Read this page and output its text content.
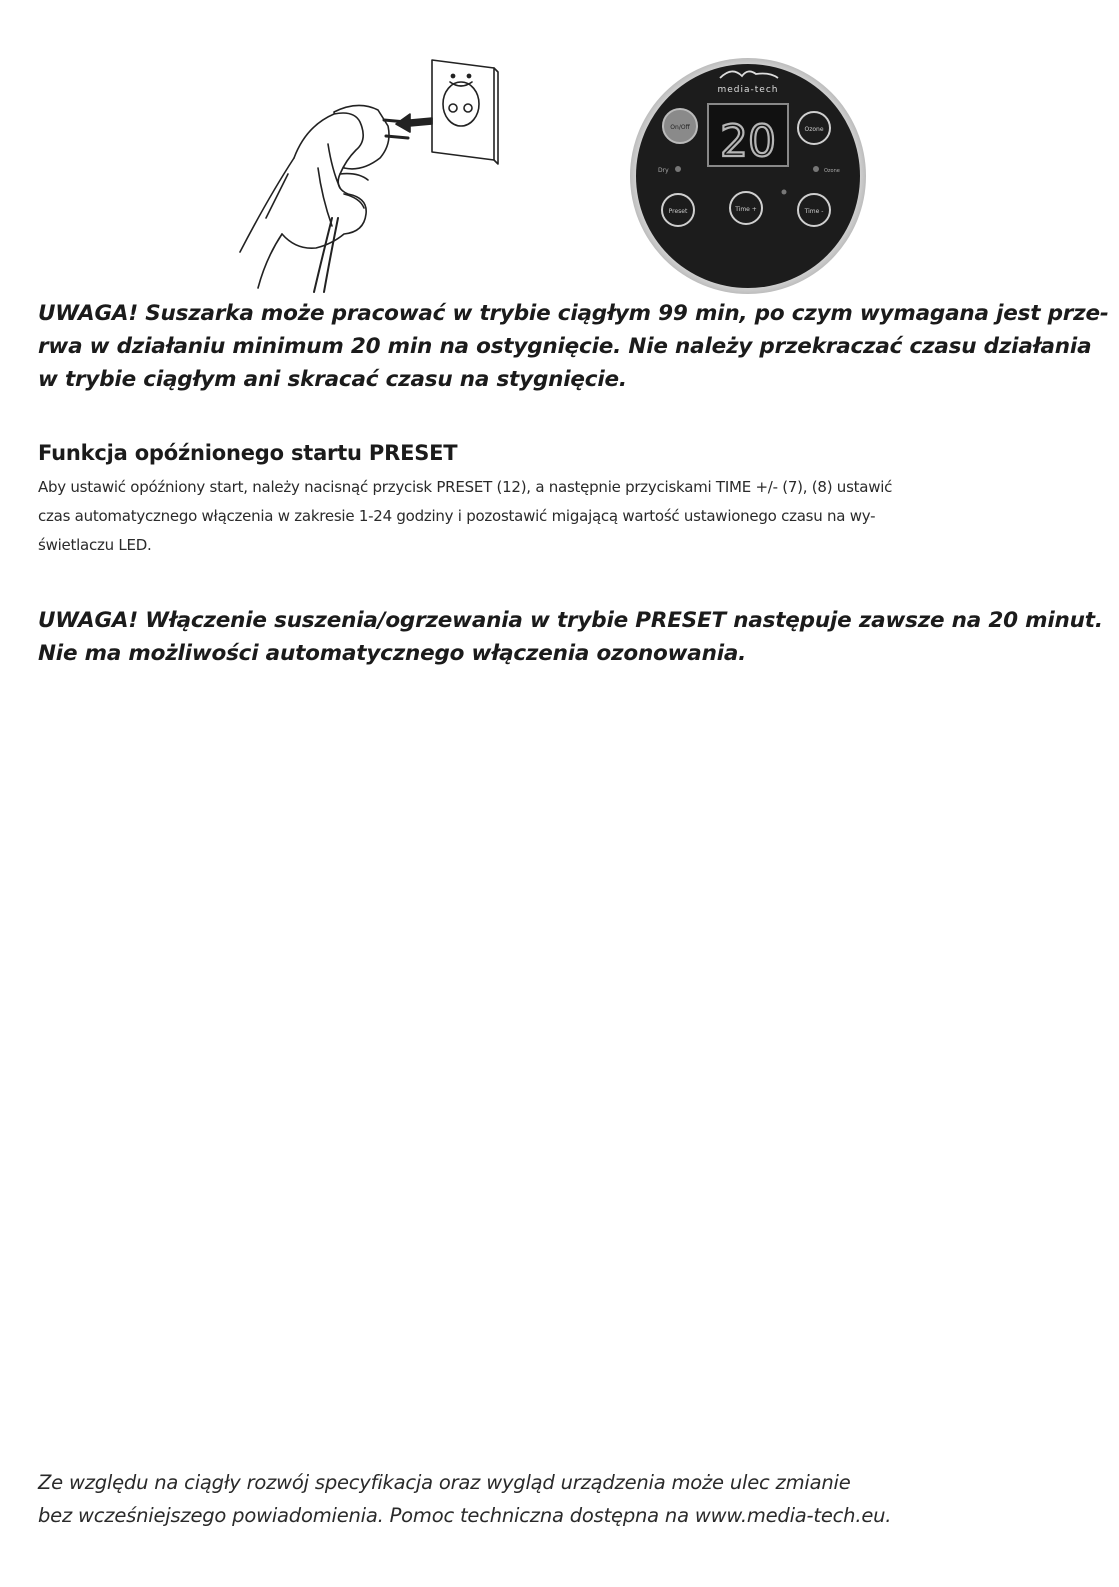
media-tech
20
On/Off	Ozone
Dry	Ozone
Preset	Time +	Time -

UWAGA! Suszarka może pracować w trybie ciągłym 99 min, po czym wymagana jest prze-

rwa w działaniu minimum 20 min na ostygnięcie. Nie należy przekraczać czasu działania

w trybie ciągłym ani skracać czasu na stygnięcie.

Funkcja opóźnionego startu PRESET

Aby ustawić opóźniony start, należy nacisnąć przycisk PRESET (12), a następnie przyciskami TIME +/- (7), (8) ustawić

czas automatycznego włączenia w zakresie 1-24 godziny i pozostawić migającą wartość ustawionego czasu na wy-

świetlaczu LED.

UWAGA! Włączenie suszenia/ogrzewania w trybie PRESET następuje zawsze na 20 minut.

Nie ma możliwości automatycznego włączenia ozonowania.

Ze względu na ciągły rozwój specyfikacja oraz wygląd urządzenia może ulec zmianie

bez wcześniejszego powiadomienia. Pomoc techniczna dostępna na www.media-tech.eu.
